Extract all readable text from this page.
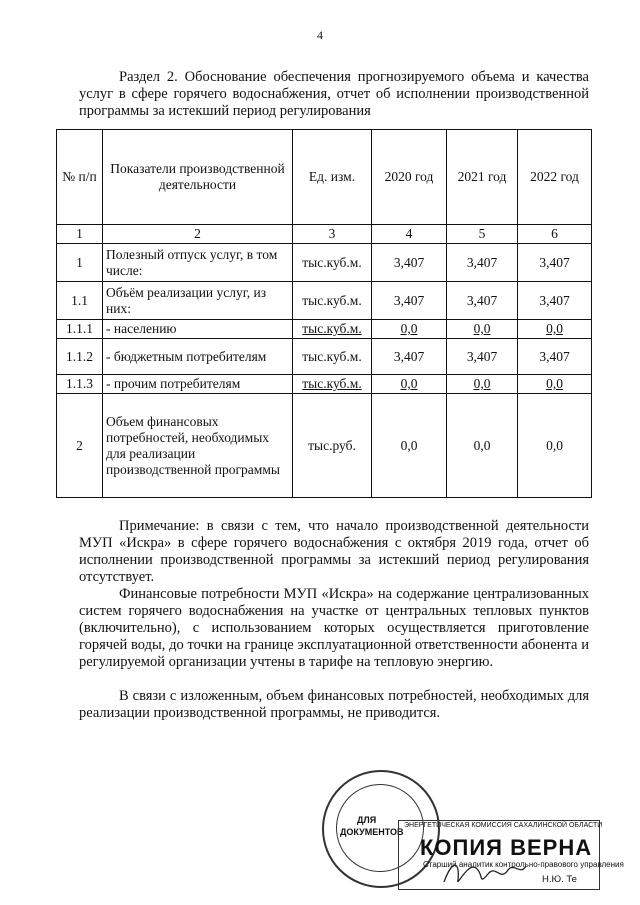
4
Раздел 2. Обоснование обеспечения прогнозируемого объема и качества услуг в сфере горячего водоснабжения, отчет об исполнении производственной программы за истекший период регулирования
№ п/п	Показатели производственной деятельности	Ед. изм.	2020 год	2021 год	2022 год
1	2	3	4	5	6
1	Полезный отпуск услуг, в том числе:	тыс.куб.м.	3,407	3,407	3,407
1.1	Объём реализации услуг, из них:	тыс.куб.м.	3,407	3,407	3,407
1.1.1	- населению	тыс.куб.м.	0,0	0,0	0,0
1.1.2	- бюджетным потребителям	тыс.куб.м.	3,407	3,407	3,407
1.1.3	- прочим потребителям	тыс.куб.м.	0,0	0,0	0,0
2	Объем финансовых потребностей, необходимых для реализации производственной программы	тыс.руб.	0,0	0,0	0,0
Примечание: в связи с тем, что начало производственной деятельности МУП «Искра» в сфере горячего водоснабжения с октября 2019 года, отчет об исполнении производственной программы за истекший период регулирования отсутствует.
Финансовые потребности МУП «Искра» на содержание централизованных систем горячего водоснабжения на участке от центральных тепловых пунктов (включительно), с использованием которых осуществляется приготовление горячей воды, до точки на границе эксплуатационной ответственности абонента и регулируемой организации учтены в тарифе на тепловую энергию.
В связи с изложенным, объем финансовых потребностей, необходимых для реализации производственной программы, не приводится.
ДЛЯ
ДОКУМЕНТОВ
ЭНЕРГЕТИЧЕСКАЯ КОМИССИЯ САХАЛИНСКОЙ ОБЛАСТИ
КОПИЯ ВЕРНА
Старший аналитик контрольно-правового управления
Н.Ю. Те
